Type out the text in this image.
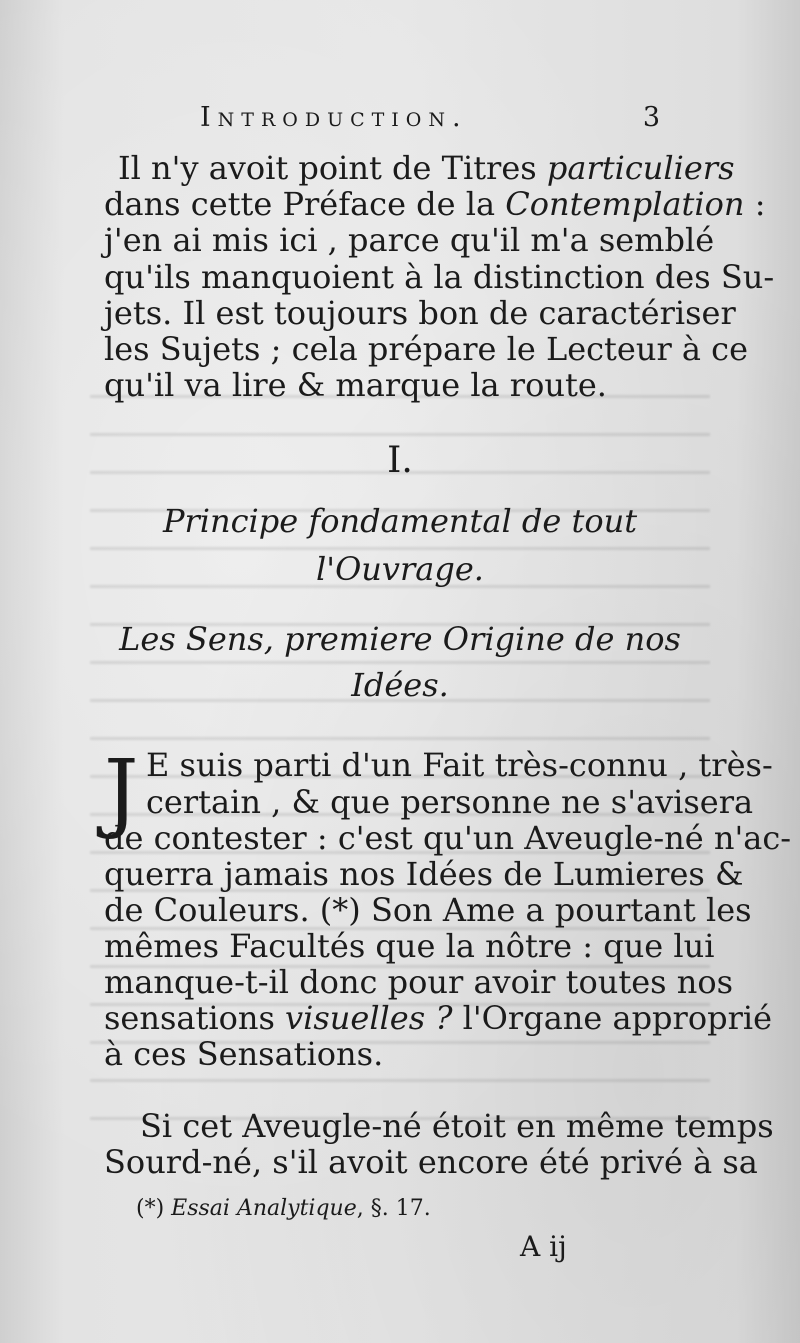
Introduction.	3
Il n'y avoit point de Titres particuliers
dans cette Préface de la Contemplation :
j'en ai mis ici , parce qu'il m'a semblé
qu'ils manquoient à la distinction des Su-
jets. Il est toujours bon de caractériser
les Sujets ; cela prépare le Lecteur à ce
qu'il va lire & marque la route.
I.
Principe fondamental de tout
l'Ouvrage.
Les Sens, premiere Origine de nos
Idées.
J E suis parti d'un Fait très-connu , très-
certain , & que personne ne s'avisera
de contester : c'est qu'un Aveugle-né n'ac-
querra jamais nos Idées de Lumieres &
de Couleurs. (*) Son Ame a pourtant les
mêmes Facultés que la nôtre : que lui
manque-t-il donc pour avoir toutes nos
sensations visuelles ? l'Organe approprié
à ces Sensations.
Si cet Aveugle-né étoit en même temps
Sourd-né, s'il avoit encore été privé à sa
(*) Essai Analytique, §. 17.
A ij
